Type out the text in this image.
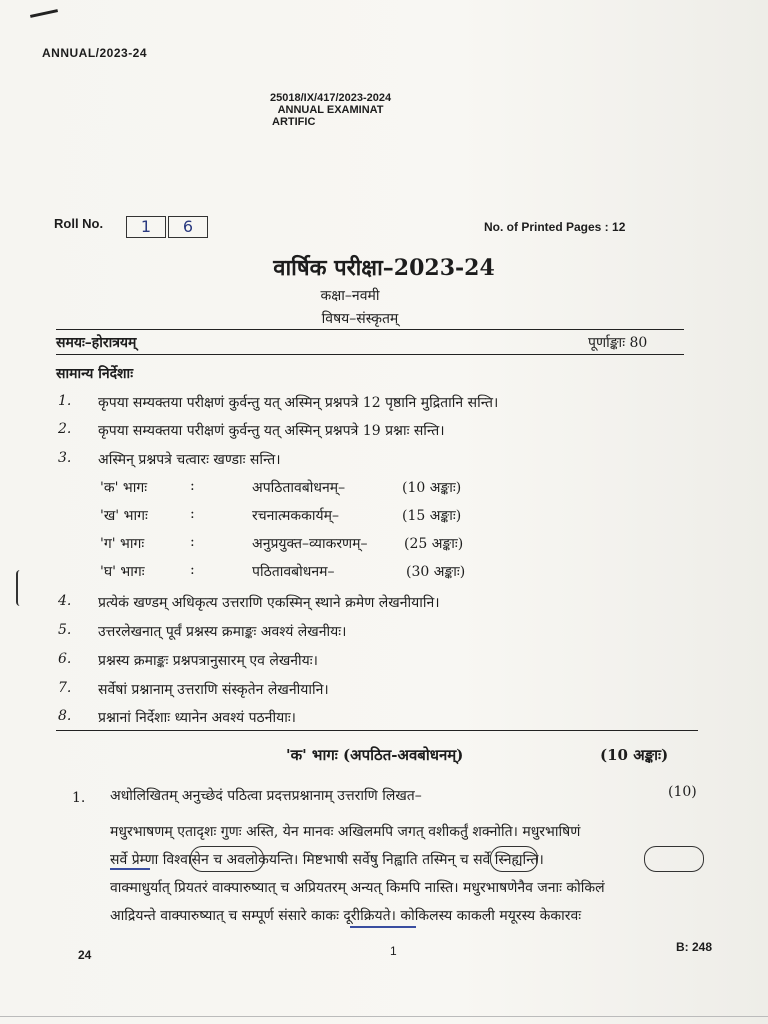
ANNUAL/2023-24
25018/IX/417/2023-2024
ANNUAL EXAMINAT
ARTIFIC
Roll No.	1	6	No. of Printed Pages : 12
वार्षिक परीक्षा–2023-24
कक्षा–नवमी
विषय–संस्कृतम्
समयः–होरात्रयम्	पूर्णाङ्काः 80
सामान्य निर्देशाः
1. कृपया सम्यक्तया परीक्षणं कुर्वन्तु यत् अस्मिन् प्रश्नपत्रे 12 पृष्ठानि मुद्रितानि सन्ति।
2. कृपया सम्यक्तया परीक्षणं कुर्वन्तु यत् अस्मिन् प्रश्नपत्रे 19 प्रश्नाः सन्ति।
3. अस्मिन् प्रश्नपत्रे चत्वारः खण्डाः सन्ति।
'क' भागः	:	अपठितावबोधनम्–	(10 अङ्काः)
'ख' भागः	:	रचनात्मककार्यम्–	(15 अङ्काः)
'ग' भागः	:	अनुप्रयुक्त–व्याकरणम्–	(25 अङ्काः)
'घ' भागः	:	पठितावबोधनम–	(30 अङ्काः)
4. प्रत्येकं खण्डम् अधिकृत्य उत्तराणि एकस्मिन् स्थाने क्रमेण लेखनीयानि।
5. उत्तरलेखनात् पूर्वं प्रश्नस्य क्रमाङ्कः अवश्यं लेखनीयः।
6. प्रश्नस्य क्रमाङ्कः प्रश्नपत्रानुसारम् एव लेखनीयः।
7. सर्वेषां प्रश्नानाम् उत्तराणि संस्कृतेन लेखनीयानि।
8. प्रश्नानां निर्देशाः ध्यानेन अवश्यं पठनीयाः।
'क' भागः (अपठित-अवबोधनम्)	(10 अङ्काः)
1. अधोलिखितम् अनुच्छेदं पठित्वा प्रदत्तप्रश्नानाम् उत्तराणि लिखत–	(10)

मधुरभाषणम् एतादृशः गुणः अस्ति, येन मानवः अखिलमपि जगत् वशीकर्तुं शक्नोति। मधुरभाषिणं

सर्वे प्रेम्णा विश्वासेन च अवलोकयन्ति। मिष्टभाषी सर्वेषु निह्वाति तस्मिन् च सर्वे स्निह्यन्ति।

वाक्माधुर्यात् प्रियतरं वाक्पारुष्यात् च अप्रियतरम् अन्यत् किमपि नास्ति। मधुरभाषणेनैव जनाः कोकिलं

आद्रियन्ते वाक्पारुष्यात् च सम्पूर्ण संसारे काकः दूरीक्रियते। कोकिलस्य काकली मयूरस्य केकारवः

24	1	B: 248
